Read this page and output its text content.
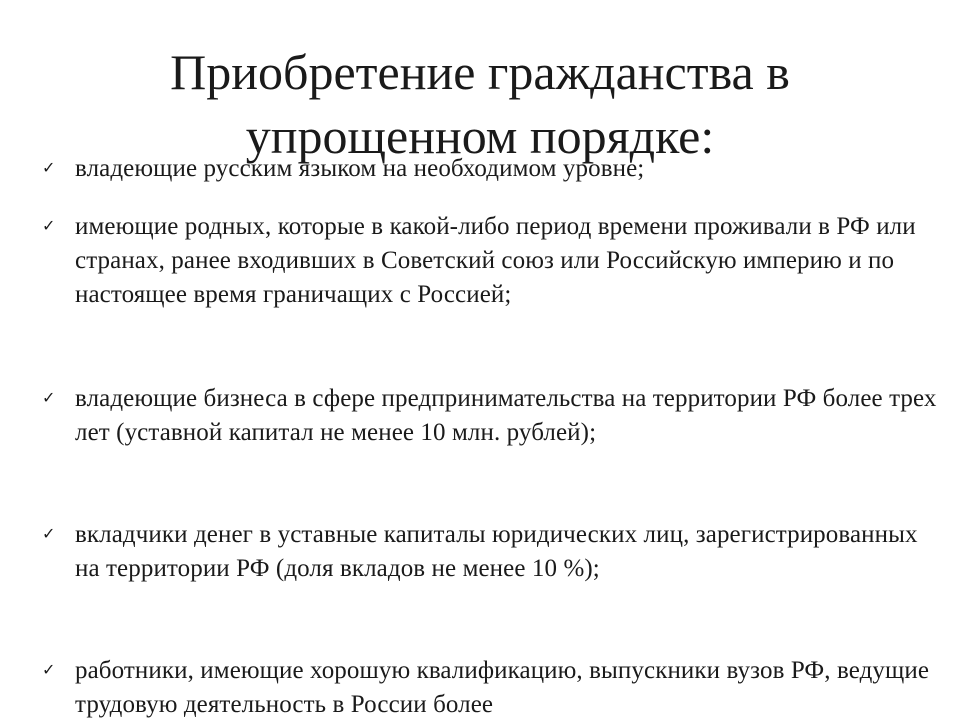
Приобретение гражданства в упрощенном порядке:
✓ владеющие русским языком на необходимом уровне;
✓ имеющие родных, которые в какой-либо период времени проживали в РФ или странах, ранее входивших в Советский союз или Российскую империю и по настоящее время граничащих с Россией;
✓ владеющие бизнеса в сфере предпринимательства на территории РФ более трех лет (уставной капитал не менее 10 млн. рублей);
✓ вкладчики денег в уставные капиталы юридических лиц, зарегистрированных на территории РФ (доля вкладов не менее 10 %);
✓ работники, имеющие хорошую квалификацию, выпускники вузов РФ, ведущие трудовую деятельность в России более
